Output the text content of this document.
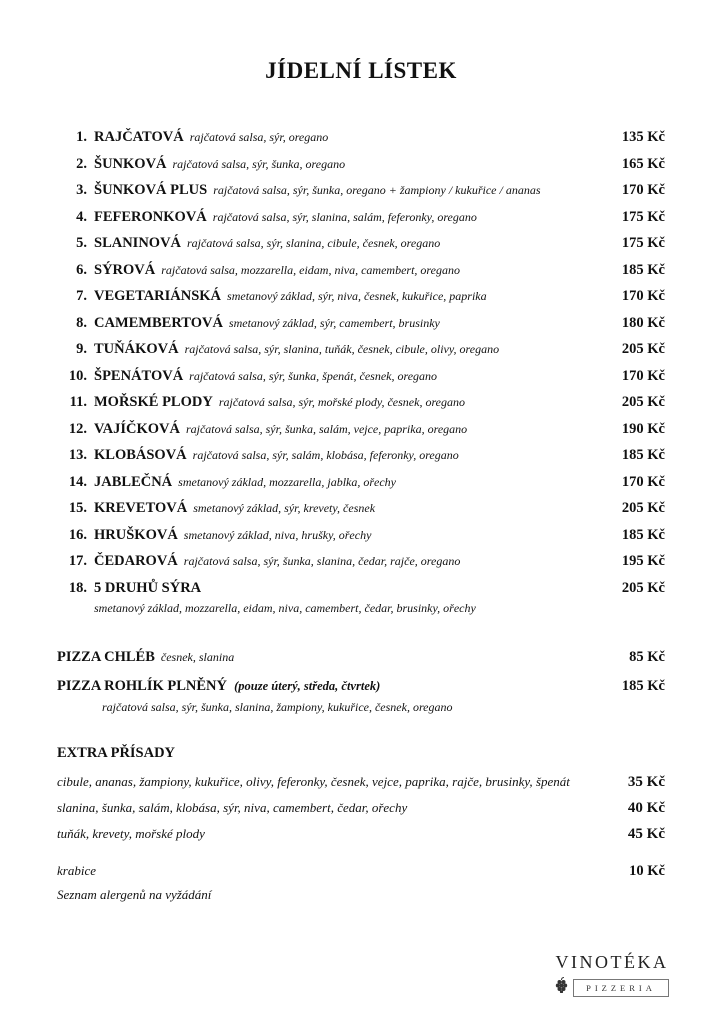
JÍDELNÍ LÍSTEK
1. RAJČATOVÁ rajčatová salsa, sýr, oregano	135 Kč
2. ŠUNKOVÁ rajčatová salsa, sýr, šunka, oregano	165 Kč
3. ŠUNKOVÁ PLUS rajčatová salsa, sýr, šunka, oregano + žampiony / kukuřice / ananas	170 Kč
4. FEFERONKOVÁ rajčatová salsa, sýr, slanina, salám, feferonky, oregano	175 Kč
5. SLANINOVÁ rajčatová salsa, sýr, slanina, cibule, česnek, oregano	175 Kč
6. SÝROVÁ rajčatová salsa, mozzarella, eidam, niva, camembert, oregano	185 Kč
7. VEGETARIÁNSKÁ smetanový základ, sýr, niva, česnek, kukuřice, paprika	170 Kč
8. CAMEMBERTOVÁ smetanový základ, sýr, camembert, brusinky	180 Kč
9. TUŇÁKOVÁ rajčatová salsa, sýr, slanina, tuňák, česnek, cibule, olivy, oregano	205 Kč
10. ŠPENÁTOVÁ rajčatová salsa, sýr, šunka, špenát, česnek, oregano	170 Kč
11. MOŘSKÉ PLODY rajčatová salsa, sýr, mořské plody, česnek, oregano	205 Kč
12. VAJÍČKOVÁ rajčatová salsa, sýr, šunka, salám, vejce, paprika, oregano	190 Kč
13. KLOBÁSOVÁ rajčatová salsa, sýr, salám, klobása, feferonky, oregano	185 Kč
14. JABLEČNÁ smetanový základ, mozzarella, jablka, ořechy	170 Kč
15. KREVETOVÁ smetanový základ, sýr, krevety, česnek	205 Kč
16. HRUŠKOVÁ smetanový základ, niva, hrušky, ořechy	185 Kč
17. ČEDAROVÁ rajčatová salsa, sýr, šunka, slanina, čedar, rajče, oregano	195 Kč
18. 5 DRUHŮ SÝRA	205 Kč
smetanový základ, mozzarella, eidam, niva, camembert, čedar, brusinky, ořechy
PIZZA CHLÉB česnek, slanina	85 Kč
PIZZA ROHLÍK PLNĚNÝ (pouze úterý, středa, čtvrtek)	185 Kč
rajčatová salsa, sýr, šunka, slanina, žampiony, kukuřice, česnek, oregano
EXTRA PŘÍSADY
cibule, ananas, žampiony, kukuřice, olivy, feferonky, česnek, vejce, paprika, rajče, brusinky, špenát	35 Kč
slanina, šunka, salám, klobása, sýr, niva, camembert, čedar, ořechy	40 Kč
tuňák, krevety, mořské plody	45 Kč
krabice	10 Kč
Seznam alergenů na vyžádání
VINOTÉKA
PIZZERIA
